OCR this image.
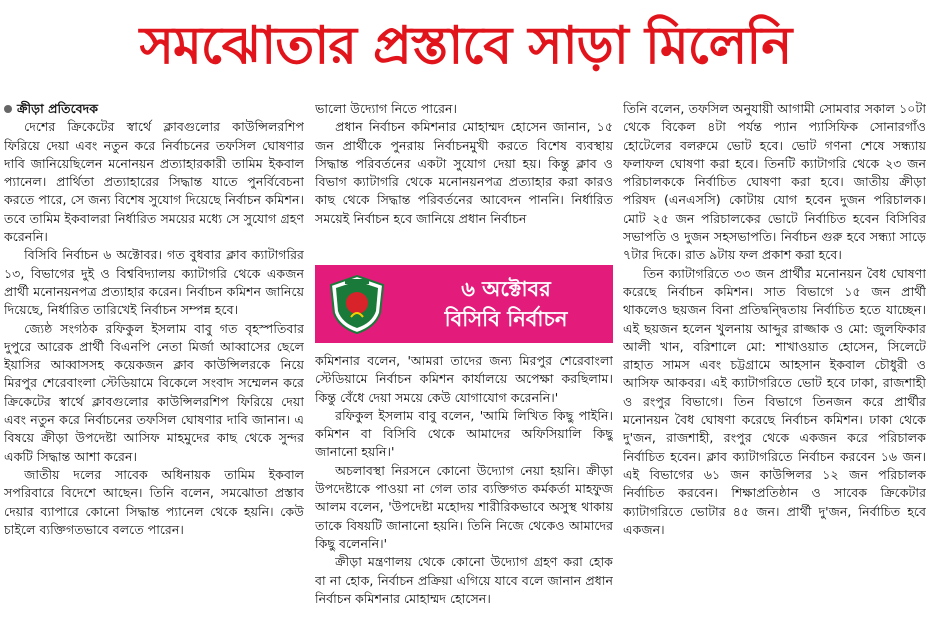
সমঝোতার প্রস্তাবে সাড়া মিলেনি

ক্রীড়া প্রতিবেদক

দেশের ক্রিকেটের স্বার্থে ক্লাবগুলোর কাউন্সিলরশিপ ফিরিয়ে দেয়া এবং নতুন করে নির্বাচনের তফসিল ঘোষণার দাবি জানিয়েছিলেন মনোনয়ন প্রত্যাহারকারী তামিম ইকবাল প্যানেল। প্রার্থিতা প্রত্যাহারের সিদ্ধান্ত যাতে পুনর্বিবেচনা করতে পারে, সে জন্য বিশেষ সুযোগ দিয়েছে নির্বাচন কমিশন। তবে তামিম ইকবালরা নির্ধারিত সময়ের মধ্যে সে সুযোগ গ্রহণ করেননি।

বিসিবি নির্বাচন ৬ অক্টোবর। গত বুধবার ক্লাব ক্যাটাগরির ১৩, বিভাগের দুই ও বিশ্ববিদ্যালয় ক্যাটাগরি থেকে একজন প্রার্থী মনোনয়নপত্র প্রত্যাহার করেন। নির্বাচন কমিশন জানিয়ে দিয়েছে, নির্ধারিত তারিখেই নির্বাচন সম্পন্ন হবে।

জ্যেষ্ঠ সংগঠক রফিকুল ইসলাম বাবু গত বৃহস্পতিবার দুপুরে আরেক প্রার্থী বিএনপি নেতা মির্জা আব্বাসের ছেলে ইয়াসির আব্বাসসহ কয়েকজন ক্লাব কাউন্সিলরকে নিয়ে মিরপুর শেরেবাংলা স্টেডিয়ামে বিকেলে সংবাদ সম্মেলন করে ক্রিকেটের স্বার্থে ক্লাবগুলোর কাউন্সিলরশিপ ফিরিয়ে দেয়া এবং নতুন করে নির্বাচনের তফসিল ঘোষণার দাবি জানান। এ বিষয়ে ক্রীড়া উপদেষ্টা আসিফ মাহমুদের কাছ থেকে সুন্দর একটি সিদ্ধান্ত আশা করেন।

জাতীয় দলের সাবেক অধিনায়ক তামিম ইকবাল সপরিবারে বিদেশে আছেন। তিনি বলেন, সমঝোতা প্রস্তাব দেয়ার ব্যাপারে কোনো সিদ্ধান্ত প্যানেল থেকে হয়নি। কেউ চাইলে ব্যক্তিগতভাবে বলতে পারেন।

ভালো উদ্যোগ নিতে পারেন।

প্রধান নির্বাচন কমিশনার মোহাম্মদ হোসেন জানান, ১৫ জন প্রার্থীকে পুনরায় নির্বাচনমুখী করতে বিশেষ ব্যবস্থায় সিদ্ধান্ত পরিবর্তনের একটা সুযোগ দেয়া হয়। কিন্তু ক্লাব ও বিভাগ ক্যাটাগরি থেকে মনোনয়নপত্র প্রত্যাহার করা কারও কাছ থেকে সিদ্ধান্ত পরিবর্তনের আবেদন পাননি। নির্ধারিত সময়েই নির্বাচন হবে জানিয়ে প্রধান নির্বাচন

৬ অক্টোবর
বিসিবি নির্বাচন

কমিশনার বলেন, 'আমরা তাদের জন্য মিরপুর শেরেবাংলা স্টেডিয়ামে নির্বাচন কমিশন কার্যালয়ে অপেক্ষা করছিলাম। কিন্তু বেঁধে দেয়া সময়ে কেউ যোগাযোগ করেননি।'

রফিকুল ইসলাম বাবু বলেন, 'আমি লিখিত কিছু পাইনি। কমিশন বা বিসিবি থেকে আমাদের অফিসিয়ালি কিছু জানানো হয়নি।'

অচলাবস্থা নিরসনে কোনো উদ্যোগ নেয়া হয়নি। ক্রীড়া উপদেষ্টাকে পাওয়া না গেল তার ব্যক্তিগত কর্মকর্তা মাহফুজ আলম বলেন, 'উপদেষ্টা মহোদয় শারীরিকভাবে অসুস্থ থাকায় তাকে বিষয়টি জানানো হয়নি। তিনি নিজে থেকেও আমাদের কিছু বলেননি।'

ক্রীড়া মন্ত্রণালয় থেকে কোনো উদ্যোগ গ্রহণ করা হোক বা না হোক, নির্বাচন প্রক্রিয়া এগিয়ে যাবে বলে জানান প্রধান নির্বাচন কমিশনার মোহাম্মদ হোসেন।

তিনি বলেন, তফসিল অনুযায়ী আগামী সোমবার সকাল ১০টা থেকে বিকেল ৪টা পর্যন্ত প্যান প্যাসিফিক সোনারগাঁও হোটেলের বলরুমে ভোট হবে। ভোট গণনা শেষে সন্ধ্যায় ফলাফল ঘোষণা করা হবে। তিনটি ক্যাটাগরি থেকে ২৩ জন পরিচালককে নির্বাচিত ঘোষণা করা হবে। জাতীয় ক্রীড়া পরিষদ (এনএসসি) কোটায় যোগ হবেন দুজন পরিচালক। মোট ২৫ জন পরিচালকের ভোটে নির্বাচিত হবেন বিসিবির সভাপতি ও দুজন সহসভাপতি। নির্বাচন গুরু হবে সন্ধ্যা সাড়ে ৭টার দিকে। রাত ৯টায় ফল প্রকাশ করা হবে।

তিন ক্যাটাগরিতে ৩৩ জন প্রার্থীর মনোনয়ন বৈধ ঘোষণা করেছে নির্বাচন কমিশন। সাত বিভাগে ১৫ জন প্রার্থী থাকলেও ছয়জন বিনা প্রতিদ্বন্দ্বিতায় নির্বাচিত হতে যাচ্ছেন। এই ছয়জন হলেন খুলনায় আব্দুর রাজ্জাক ও মো: জুলফিকার আলী খান, বরিশালে মো: শাখাওয়াত হোসেন, সিলেটে রাহাত সামস এবং চট্টগ্রামে আহসান ইকবাল চৌধুরী ও আসিফ আকবর। এই ক্যাটাগরিতে ভোট হবে ঢাকা, রাজশাহী ও রংপুর বিভাগে। তিন বিভাগে তিনজন করে প্রার্থীর মনোনয়ন বৈধ ঘোষণা করেছে নির্বাচন কমিশন। ঢাকা থেকে দু'জন, রাজশাহী, রংপুর থেকে একজন করে পরিচালক নির্বাচিত হবেন। ক্লাব ক্যাটাগরিতে নির্বাচন করবেন ১৬ জন। এই বিভাগের ৬১ জন কাউন্সিলর ১২ জন পরিচালক নির্বাচিত করবেন। শিক্ষাপ্রতিষ্ঠান ও সাবেক ক্রিকেটার ক্যাটাগরিতে ভোটার ৪৫ জন। প্রার্থী দু'জন, নির্বাচিত হবে একজন।
